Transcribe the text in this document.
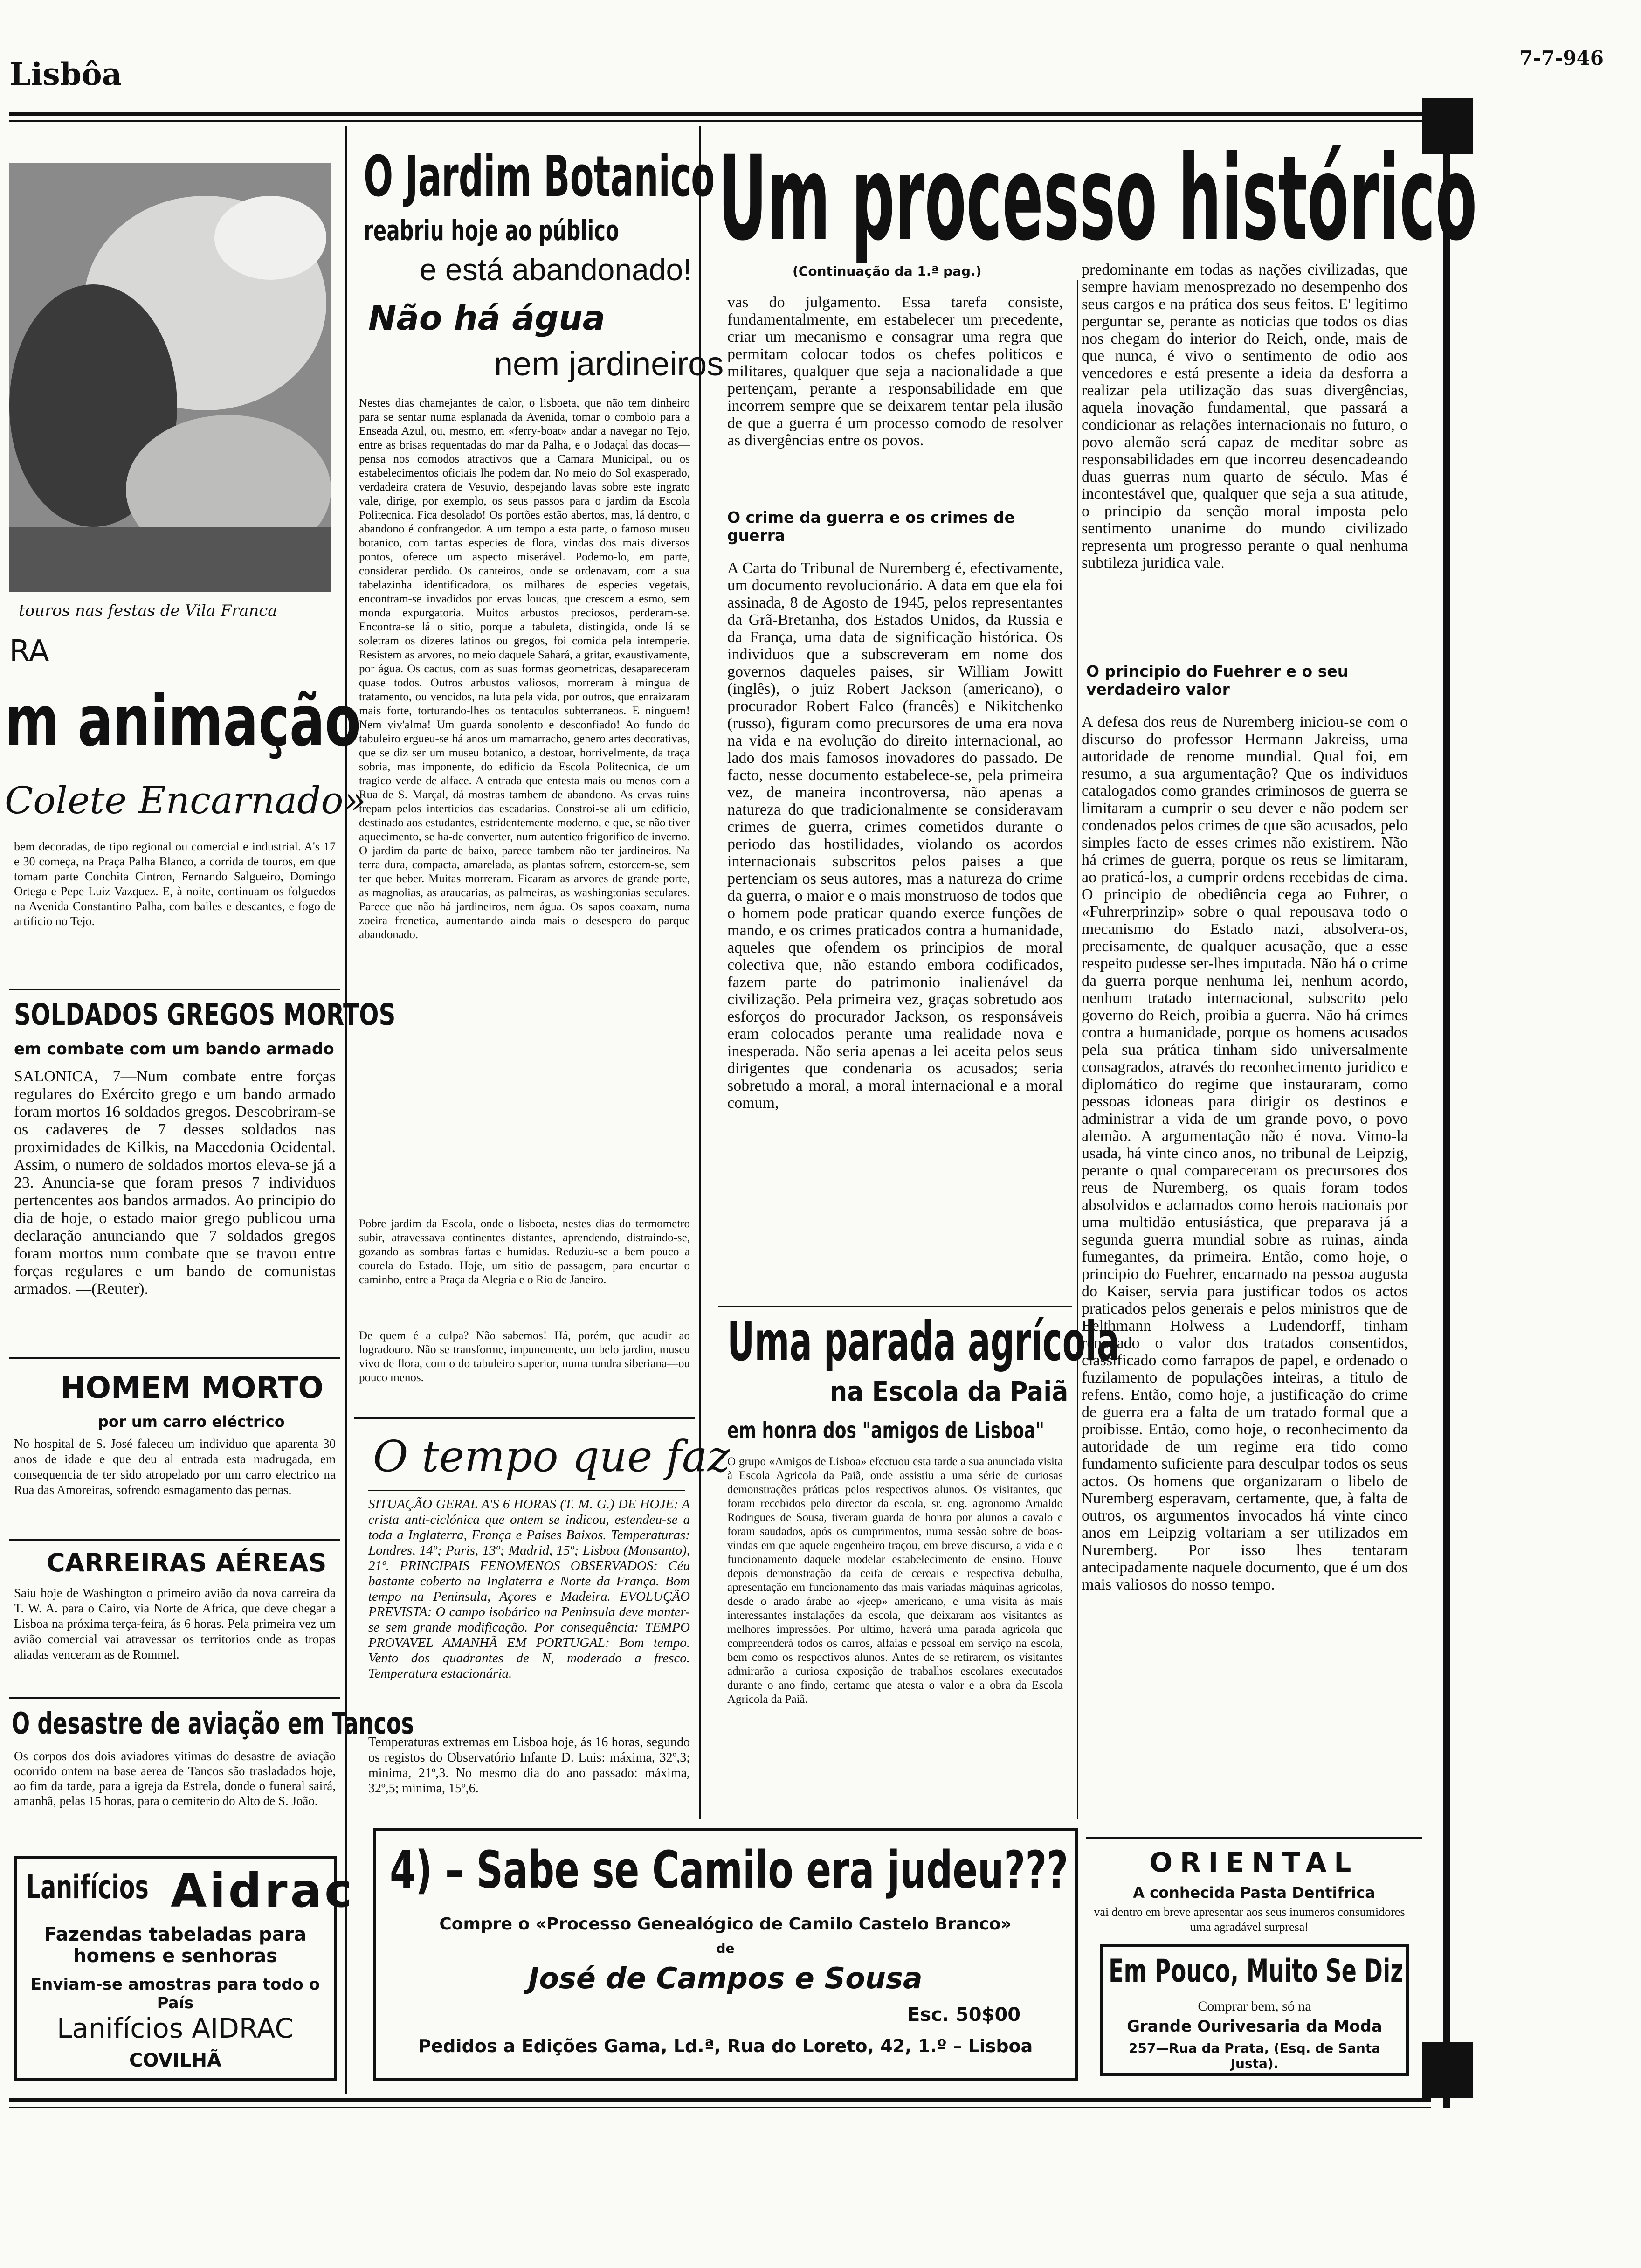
Lisbôa	7-7-946
touros nas festas de Vila Franca
RA
m animação
Colete Encarnado»

bem decoradas, de tipo regional ou comercial e industrial. A's 17 e 30 começa, na Praça Palha Blanco, a corrida de touros, em que tomam parte Conchita Cintron, Fernando Salgueiro, Domingo Ortega e Pepe Luiz Vazquez. E, à noite, continuam os folguedos na Avenida Constantino Palha, com bailes e descantes, e fogo de artificio no Tejo.

SOLDADOS GREGOS MORTOS
em combate com um bando armado

SALONICA, 7—Num combate entre forças regulares do Exército grego e um bando armado foram mortos 16 soldados gregos. Descobriram-se os cadaveres de 7 desses soldados nas proximidades de Kilkis, na Macedonia Ocidental. Assim, o numero de soldados mortos eleva-se já a 23. Anuncia-se que foram presos 7 individuos pertencentes aos bandos armados. Ao principio do dia de hoje, o estado maior grego publicou uma declaração anunciando que 7 soldados gregos foram mortos num combate que se travou entre forças regulares e um bando de comunistas armados. —(Reuter).

HOMEM MORTO
por um carro eléctrico

No hospital de S. José faleceu um individuo que aparenta 30 anos de idade e que deu al entrada esta madrugada, em consequencia de ter sido atropelado por um carro electrico na Rua das Amoreiras, sofrendo esmagamento das pernas.

CARREIRAS AÉREAS

Saiu hoje de Washington o primeiro avião da nova carreira da T. W. A. para o Cairo, via Norte de Africa, que deve chegar a Lisboa na próxima terça-feira, ás 6 horas. Pela primeira vez um avião comercial vai atravessar os territorios onde as tropas aliadas venceram as de Rommel.

O desastre de aviação em Tancos

Os corpos dos dois aviadores vitimas do desastre de aviação ocorrido ontem na base aerea de Tancos são trasladados hoje, ao fim da tarde, para a igreja da Estrela, donde o funeral sairá, amanhã, pelas 15 horas, para o cemiterio do Alto de S. João.

Lanifícios Aidrac
Fazendas tabeladas para homens e senhoras
Enviam-se amostras para todo o País
Lanifícios AIDRAC
COVILHÃ
O Jardim Botanico
reabriu hoje ao público
e está abandonado!
Não há água
nem jardineiros

Nestes dias chamejantes de calor, o lisboeta, que não tem dinheiro para se sentar numa esplanada da Avenida, tomar o comboio para a Enseada Azul, ou, mesmo, em «ferry-boat» andar a navegar no Tejo, entre as brisas requentadas do mar da Palha, e o Jodaçal das docas—pensa nos comodos atractivos que a Camara Municipal, ou os estabelecimentos oficiais lhe podem dar. No meio do Sol exasperado, verdadeira cratera de Vesuvio, despejando lavas sobre este ingrato vale, dirige, por exemplo, os seus passos para o jardim da Escola Politecnica. Fica desolado! Os portões estão abertos, mas, lá dentro, o abandono é confrangedor. A um tempo a esta parte, o famoso museu botanico, com tantas especies de flora, vindas dos mais diversos pontos, oferece um aspecto miserável. Podemo-lo, em parte, considerar perdido. Os canteiros, onde se ordenavam, com a sua tabelazinha identificadora, os milhares de especies vegetais, encontram-se invadidos por ervas loucas, que crescem a esmo, sem monda expurgatoria. Muitos arbustos preciosos, perderam-se. Encontra-se lá o sitio, porque a tabuleta, distingida, onde lá se soletram os dizeres latinos ou gregos, foi comida pela intemperie. Resistem as arvores, no meio daquele Sahará, a gritar, exaustivamente, por água. Os cactus, com as suas formas geometricas, desapareceram quase todos. Outros arbustos valiosos, morreram à mingua de tratamento, ou vencidos, na luta pela vida, por outros, que enraizaram mais forte, torturando-lhes os tentaculos subterraneos. E ninguem! Nem viv'alma! Um guarda sonolento e desconfiado! Ao fundo do tabuleiro ergueu-se há anos um mamarracho, genero artes decorativas, que se diz ser um museu botanico, a destoar, horrivelmente, da traça sobria, mas imponente, do edificio da Escola Politecnica, de um tragico verde de alface. A entrada que entesta mais ou menos com a Rua de S. Marçal, dá mostras tambem de abandono. As ervas ruins trepam pelos interticios das escadarias. Constroi-se ali um edificio, destinado aos estudantes, estridentemente moderno, e que, se não tiver aquecimento, se ha-de converter, num autentico frigorifico de inverno. O jardim da parte de baixo, parece tambem não ter jardineiros. Na terra dura, compacta, amarelada, as plantas sofrem, estorcem-se, sem ter que beber. Muitas morreram. Ficaram as arvores de grande porte, as magnolias, as araucarias, as palmeiras, as washingtonias seculares. Parece que não há jardineiros, nem água. Os sapos coaxam, numa zoeira frenetica, aumentando ainda mais o desespero do parque abandonado.

Pobre jardim da Escola, onde o lisboeta, nestes dias do termometro subir, atravessava continentes distantes, aprendendo, distraindo-se, gozando as sombras fartas e humidas. Reduziu-se a bem pouco a courela do Estado. Hoje, um sitio de passagem, para encurtar o caminho, entre a Praça da Alegria e o Rio de Janeiro.

De quem é a culpa? Não sabemos! Há, porém, que acudir ao logradouro. Não se transforme, impunemente, um belo jardim, museu vivo de flora, com o do tabuleiro superior, numa tundra siberiana—ou pouco menos.

O tempo que faz

SITUAÇÃO GERAL A'S 6 HORAS (T. M. G.) DE HOJE: A crista anti-ciclónica que ontem se indicou, estendeu-se a toda a Inglaterra, França e Paises Baixos. Temperaturas: Londres, 14º; Paris, 13º; Madrid, 15º; Lisboa (Monsanto), 21º. PRINCIPAIS FENOMENOS OBSERVADOS: Céu bastante coberto na Inglaterra e Norte da França. Bom tempo na Peninsula, Açores e Madeira. EVOLUÇÃO PREVISTA: O campo isobárico na Peninsula deve manter-se sem grande modificação. Por consequência: TEMPO PROVAVEL AMANHÃ EM PORTUGAL: Bom tempo. Vento dos quadrantes de N, moderado a fresco. Temperatura estacionária.

Temperaturas extremas em Lisboa hoje, ás 16 horas, segundo os registos do Observatório Infante D. Luis: máxima, 32º,3; minima, 21º,3. No mesmo dia do ano passado: máxima, 32º,5; minima, 15º,6.

Um processo histórico
(Continuação da 1.ª pag.)

vas do julgamento. Essa tarefa consiste, fundamentalmente, em estabelecer um precedente, criar um mecanismo e consagrar uma regra que permitam colocar todos os chefes politicos e militares, qualquer que seja a nacionalidade a que pertençam, perante a responsabilidade em que incorrem sempre que se deixarem tentar pela ilusão de que a guerra é um processo comodo de resolver as divergências entre os povos.

O crime da guerra e os crimes de guerra

A Carta do Tribunal de Nuremberg é, efectivamente, um documento revolucionário. A data em que ela foi assinada, 8 de Agosto de 1945, pelos representantes da Grã-Bretanha, dos Estados Unidos, da Russia e da França, uma data de significação histórica. Os individuos que a subscreveram em nome dos governos daqueles paises, sir William Jowitt (inglês), o juiz Robert Jackson (americano), o procurador Robert Falco (francês) e Nikitchenko (russo), figuram como precursores de uma era nova na vida e na evolução do direito internacional, ao lado dos mais famosos inovadores do passado. De facto, nesse documento estabelece-se, pela primeira vez, de maneira incontroversa, não apenas a natureza do que tradicionalmente se consideravam crimes de guerra, crimes cometidos durante o periodo das hostilidades, violando os acordos internacionais subscritos pelos paises a que pertenciam os seus autores, mas a natureza do crime da guerra, o maior e o mais monstruoso de todos que o homem pode praticar quando exerce funções de mando, e os crimes praticados contra a humanidade, aqueles que ofendem os principios de moral colectiva que, não estando embora codificados, fazem parte do patrimonio inalienável da civilização. Pela primeira vez, graças sobretudo aos esforços do procurador Jackson, os responsáveis eram colocados perante uma realidade nova e inesperada. Não seria apenas a lei aceita pelos seus dirigentes que condenaria os acusados; seria sobretudo a moral, a moral internacional e a moral comum,

predominante em todas as nações civilizadas, que sempre haviam menosprezado no desempenho dos seus cargos e na prática dos seus feitos. E' legitimo perguntar se, perante as noticias que todos os dias nos chegam do interior do Reich, onde, mais de que nunca, é vivo o sentimento de odio aos vencedores e está presente a ideia da desforra a realizar pela utilização das suas divergências, aquela inovação fundamental, que passará a condicionar as relações internacionais no futuro, o povo alemão será capaz de meditar sobre as responsabilidades em que incorreu desencadeando duas guerras num quarto de século. Mas é incontestável que, qualquer que seja a sua atitude, o principio da senção moral imposta pelo sentimento unanime do mundo civilizado representa um progresso perante o qual nenhuma subtileza juridica vale.

O principio do Fuehrer e o seu verdadeiro valor

A defesa dos reus de Nuremberg iniciou-se com o discurso do professor Hermann Jakreiss, uma autoridade de renome mundial. Qual foi, em resumo, a sua argumentação? Que os individuos catalogados como grandes criminosos de guerra se limitaram a cumprir o seu dever e não podem ser condenados pelos crimes de que são acusados, pelo simples facto de esses crimes não existirem. Não há crimes de guerra, porque os reus se limitaram, ao praticá-los, a cumprir ordens recebidas de cima. O principio de obediência cega ao Fuhrer, o «Fuhrerprinzip» sobre o qual repousava todo o mecanismo do Estado nazi, absolvera-os, precisamente, de qualquer acusação, que a esse respeito pudesse ser-lhes imputada. Não há o crime da guerra porque nenhuma lei, nenhum acordo, nenhum tratado internacional, subscrito pelo governo do Reich, proibia a guerra. Não há crimes contra a humanidade, porque os homens acusados pela sua prática tinham sido universalmente consagrados, através do reconhecimento juridico e diplomático do regime que instauraram, como pessoas idoneas para dirigir os destinos e administrar a vida de um grande povo, o povo alemão. A argumentação não é nova. Vimo-la usada, há vinte cinco anos, no tribunal de Leipzig, perante o qual compareceram os precursores dos reus de Nuremberg, os quais foram todos absolvidos e aclamados como herois nacionais por uma multidão entusiástica, que preparava já a segunda guerra mundial sobre as ruinas, ainda fumegantes, da primeira. Então, como hoje, o principio do Fuehrer, encarnado na pessoa augusta do Kaiser, servia para justificar todos os actos praticados pelos generais e pelos ministros que de Belthmann Holwess a Ludendorff, tinham renegado o valor dos tratados consentidos, classificado como farrapos de papel, e ordenado o fuzilamento de populações inteiras, a titulo de refens. Então, como hoje, a justificação do crime de guerra era a falta de um tratado formal que a proibisse. Então, como hoje, o reconhecimento da autoridade de um regime era tido como fundamento suficiente para desculpar todos os seus actos. Os homens que organizaram o libelo de Nuremberg esperavam, certamente, que, à falta de outros, os argumentos invocados há vinte cinco anos em Leipzig voltariam a ser utilizados em Nuremberg. Por isso lhes tentaram antecipadamente naquele documento, que é um dos mais valiosos do nosso tempo.

Uma parada agrícola
na Escola da Paiã
em honra dos "amigos de Lisboa"

O grupo «Amigos de Lisboa» efectuou esta tarde a sua anunciada visita à Escola Agricola da Paiã, onde assistiu a uma série de curiosas demonstrações práticas pelos respectivos alunos. Os visitantes, que foram recebidos pelo director da escola, sr. eng. agronomo Arnaldo Rodrigues de Sousa, tiveram guarda de honra por alunos a cavalo e foram saudados, após os cumprimentos, numa sessão sobre de boas-vindas em que aquele engenheiro traçou, em breve discurso, a vida e o funcionamento daquele modelar estabelecimento de ensino. Houve depois demonstração da ceifa de cereais e respectiva debulha, apresentação em funcionamento das mais variadas máquinas agricolas, desde o arado árabe ao «jeep» americano, e uma visita às mais interessantes instalações da escola, que deixaram aos visitantes as melhores impressões. Por ultimo, haverá uma parada agricola que compreenderá todos os carros, alfaias e pessoal em serviço na escola, bem como os respectivos alunos. Antes de se retirarem, os visitantes admirarão a curiosa exposição de trabalhos escolares executados durante o ano findo, certame que atesta o valor e a obra da Escola Agricola da Paiã.

4) – Sabe se Camilo era judeu???
Compre o «Processo Genealógico de Camilo Castelo Branco»
de
José de Campos e Sousa
Esc. 50$00
Pedidos a Edições Gama, Ld.ª, Rua do Loreto, 42, 1.º – Lisboa
ORIENTAL
A conhecida Pasta Dentifrica

vai dentro em breve apresentar aos seus inumeros consumidores uma agradável surpresa!

Em Pouco, Muito Se Diz
Comprar bem, só na
Grande Ourivesaria da Moda
257—Rua da Prata, (Esq. de Santa Justa).
